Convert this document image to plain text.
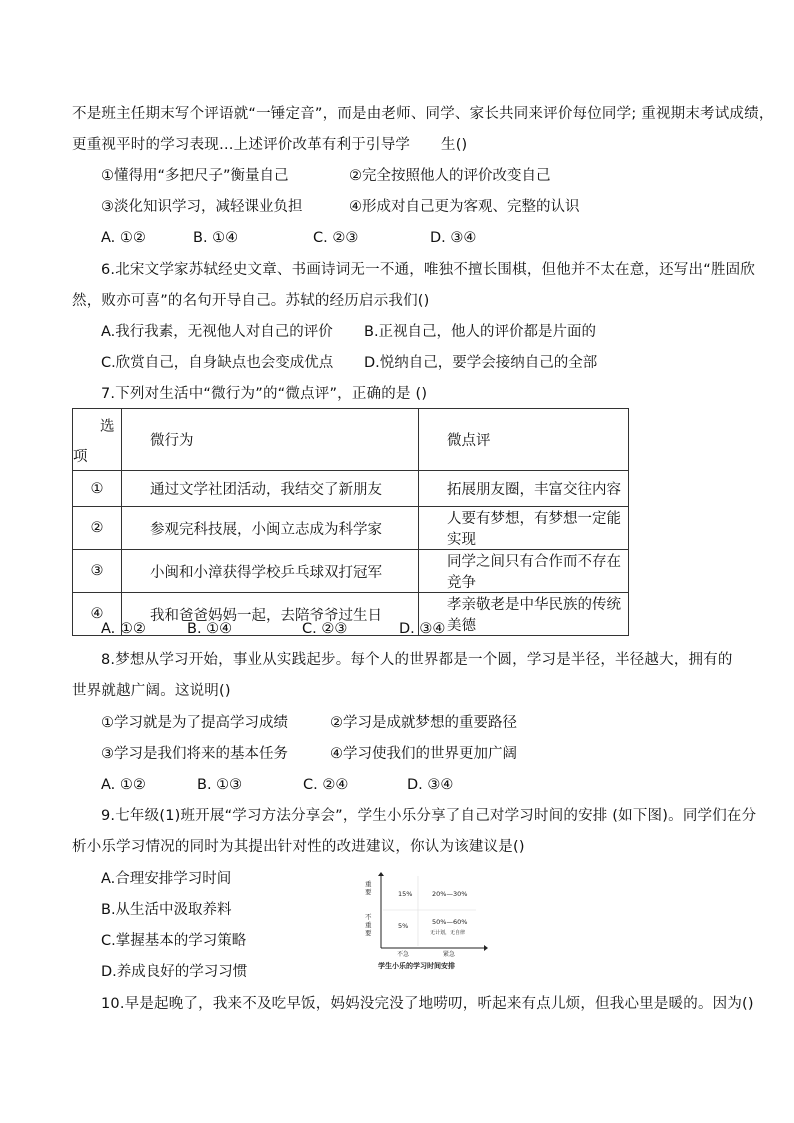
不是班主任期末写个评语就“一锤定音”，而是由老师、同学、家长共同来评价每位同学; 重视期末考试成绩，
更重视平时的学习表现…上述评价改革有利于引导学 生()
①懂得用“多把尺子”衡量自己	②完全按照他人的评价改变自己
③淡化知识学习，减轻课业负担	④形成对自己更为客观、完整的认识
A. ①②	B. ①④	C. ②③	D. ③④
6.北宋文学家苏轼经史文章、书画诗词无一不通，唯独不擅长围棋，但他并不太在意，还写出“胜固欣
然，败亦可喜”的名句开导自己。苏轼的经历启示我们()
A.我行我素，无视他人对自己的评价 B.正视自己，他人的评价都是片面的
C.欣赏自己，自身缺点也会变成优点 D.悦纳自己，要学会接纳自己的全部
7.下列对生活中“微行为”的“微点评”，正确的是 ()
选
项	微行为	微点评
①	通过文学社团活动，我结交了新朋友	拓展朋友圈，丰富交往内容
②	参观完科技展，小闽立志成为科学家	人要有梦想，有梦想一定能实现
③	小闽和小漳获得学校乒乓球双打冠军	同学之间只有合作而不存在竞争
④	我和爸爸妈妈一起，去陪爷爷过生日	孝亲敬老是中华民族的传统美德
A. ①②	B. ①④	C. ②③	D. ③④
8.梦想从学习开始，事业从实践起步。每个人的世界都是一个圆，学习是半径，半径越大，拥有的
世界就越广阔。这说明()
①学习就是为了提高学习成绩	②学习是成就梦想的重要路径
③学习是我们将来的基本任务	④学习使我们的世界更加广阔
A. ①②	B. ①③	C. ②④	D. ③④
9.七年级(1)班开展“学习方法分享会”，学生小乐分享了自己对学习时间的安排 (如下图)。同学们在分
析小乐学习情况的同时为其提出针对性的改进建议，你认为该建议是()
A.合理安排学习时间
B.从生活中汲取养料
C.掌握基本的学习策略
D.养成良好的学习习惯
重
要
不
重
要
15%	20%—30%
5%	50%—60%
无计划，无自律
不急	紧急
学生小乐的学习时间安排
10.早是起晚了，我来不及吃早饭，妈妈没完没了地唠叨，听起来有点儿烦，但我心里是暖的。因为()
